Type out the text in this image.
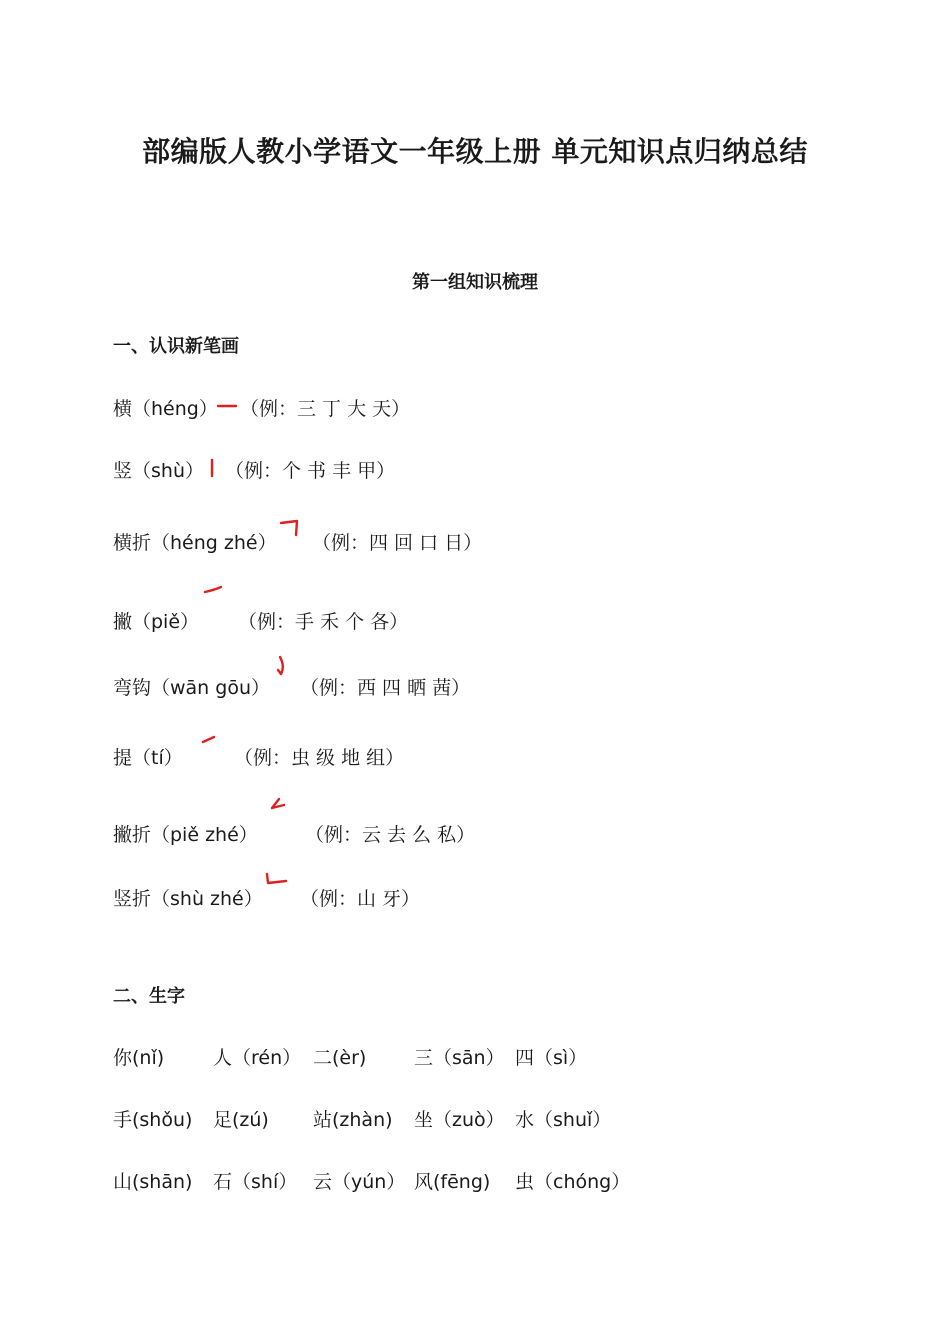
部编版人教小学语文一年级上册 单元知识点归纳总结
第一组知识梳理
一、认识新笔画
横（héng） （例：三 丁 大 天）
竖（shù） （例：个 书 丰 甲）
横折（héng zhé） （例：四 回 口 日）
撇（piě） （例：手 禾 个 各）
弯钩（wān gōu） （例：西 四 晒 茜）
提（tí）	（例：虫 级 地 组）
撇折（piě zhé） （例：云 去 么 私）
竖折（shù zhé） （例：山 牙）
二、生字
你(nǐ)	人（rén） 二(èr)	三（sān） 四（sì）
手(shǒu) 足(zú) 站(zhàn) 坐（zuò） 水（shuǐ）
山(shān) 石（shí） 云（yún） 风(fēng) 虫（chóng）
